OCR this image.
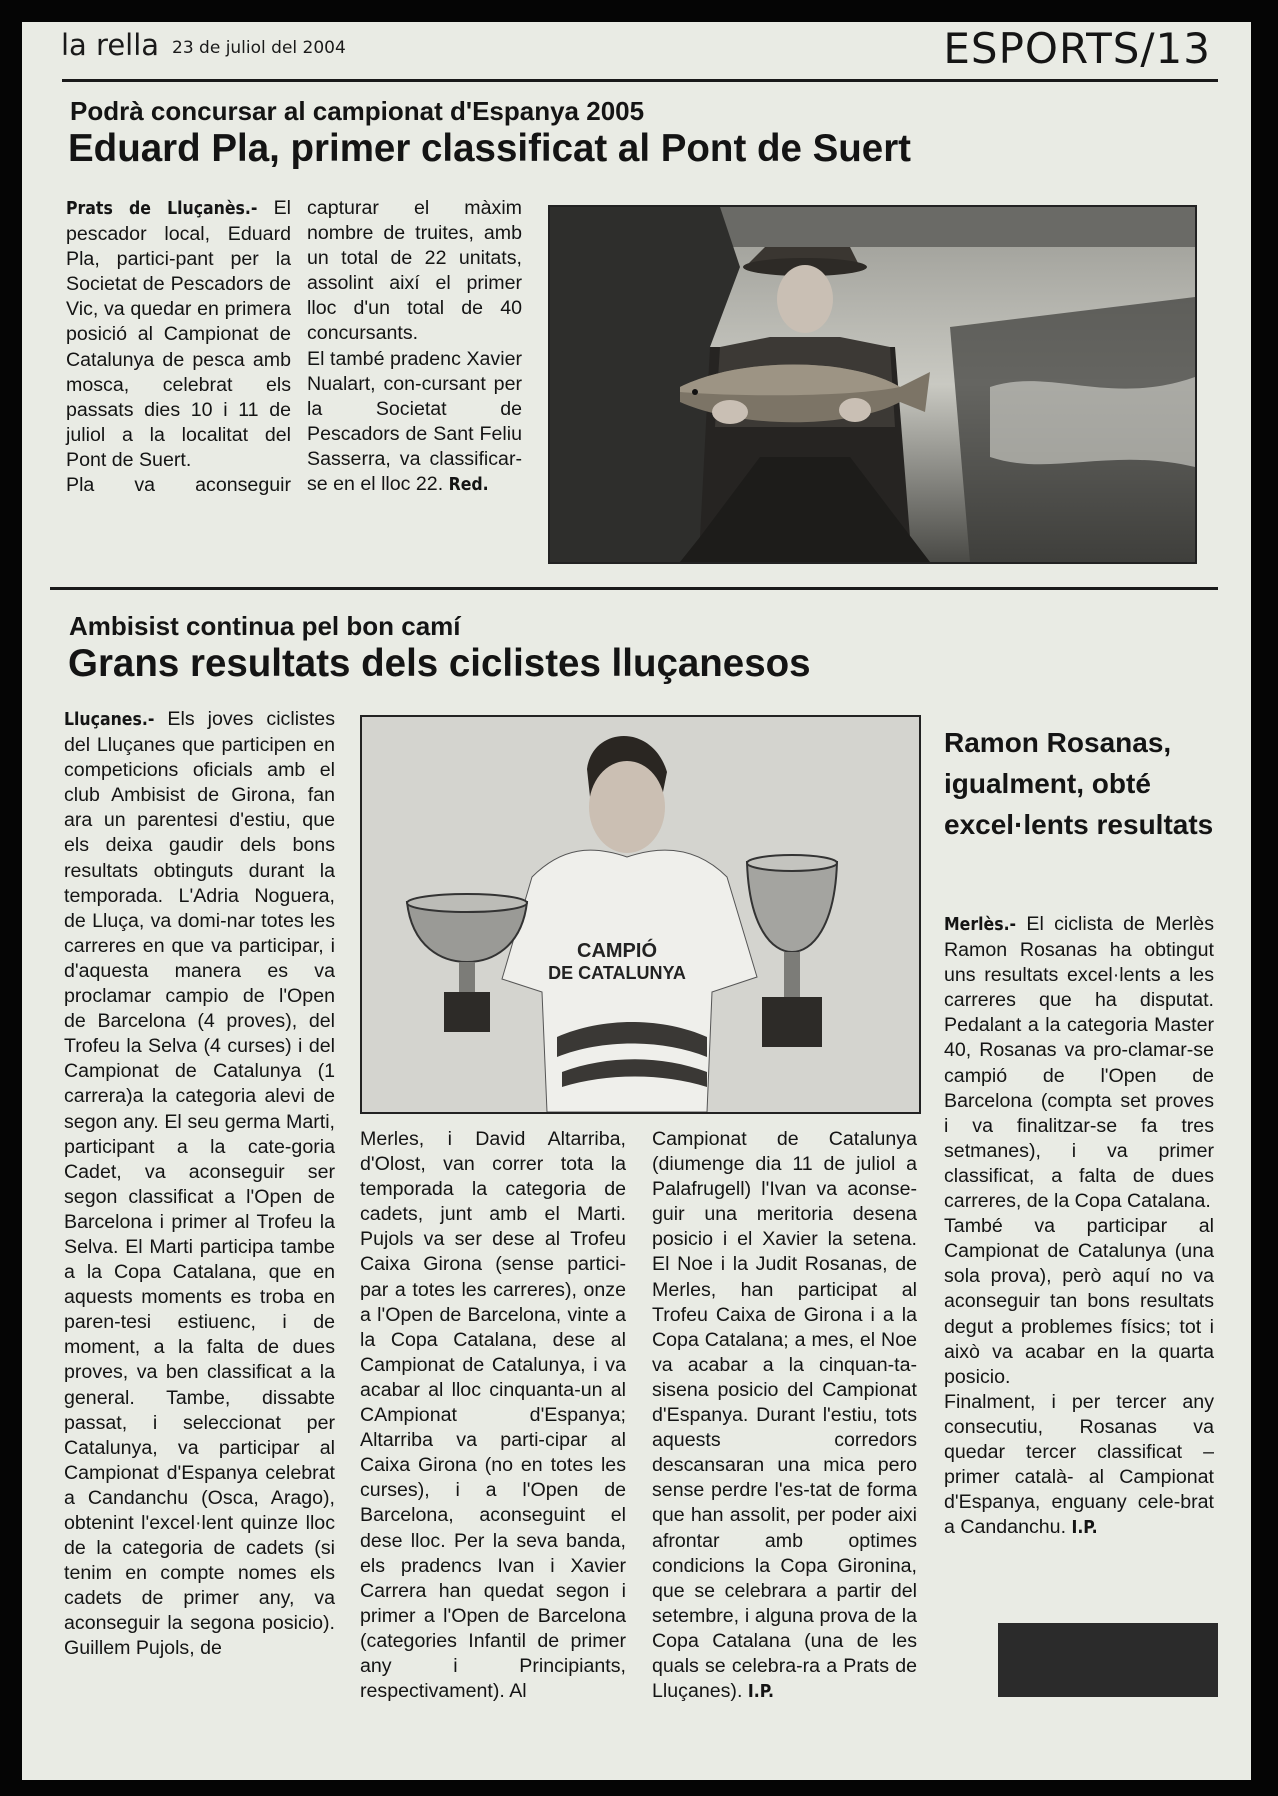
la rella 23 de juliol del 2004	ESPORTS/13
Podrà concursar al campionat d'Espanya 2005
Eduard Pla, primer classificat al Pont de Suert

Prats de Lluçanès.- El pescador local, Eduard Pla, partici-pant per la Societat de Pescadors de Vic, va quedar en primera posició al Campionat de Catalunya de pesca amb mosca, celebrat els passats dies 10 i 11 de juliol a la localitat del Pont de Suert.

Pla va aconseguir

capturar el màxim nombre de truites, amb un total de 22 unitats, assolint així el primer lloc d'un total de 40 concursants.

El també pradenc Xavier Nualart, con-cursant per la Societat de Pescadors de Sant Feliu Sasserra, va classificar-se en el lloc 22. Red.

Ambisist continua pel bon camí
Grans resultats dels ciclistes lluçanesos

Lluçanes.- Els joves ciclistes del Lluçanes que participen en competicions oficials amb el club Ambisist de Girona, fan ara un parentesi d'estiu, que els deixa gaudir dels bons resultats obtinguts durant la temporada. L'Adria Noguera, de Lluça, va domi-nar totes les carreres en que va participar, i d'aquesta manera es va proclamar campio de l'Open de Barcelona (4 proves), del Trofeu la Selva (4 curses) i del Campionat de Catalunya (1 carrera)a la categoria alevi de segon any. El seu germa Marti, participant a la cate-goria Cadet, va aconseguir ser segon classificat a l'Open de Barcelona i primer al Trofeu la Selva. El Marti participa tambe a la Copa Catalana, que en aquests moments es troba en paren-tesi estiuenc, i de moment, a la falta de dues proves, va ben classificat a la general. Tambe, dissabte passat, i seleccionat per Catalunya, va participar al Campionat d'Espanya celebrat a Candanchu (Osca, Arago), obtenint l'excel·lent quinze lloc de la categoria de cadets (si tenim en compte nomes els cadets de primer any, va aconseguir la segona posicio). Guillem Pujols, de

CAMPIÓ
DE CATALUNYA

Merles, i David Altarriba, d'Olost, van correr tota la temporada la categoria de cadets, junt amb el Marti. Pujols va ser dese al Trofeu Caixa Girona (sense partici-par a totes les carreres), onze a l'Open de Barcelona, vinte a la Copa Catalana, dese al Campionat de Catalunya, i va acabar al lloc cinquanta-un al CAmpionat d'Espanya; Altarriba va parti-cipar al Caixa Girona (no en totes les curses), i a l'Open de Barcelona, aconseguint el dese lloc. Per la seva banda, els pradencs Ivan i Xavier Carrera han quedat segon i primer a l'Open de Barcelona (categories Infantil de primer any i Principiants, respectivament). Al

Campionat de Catalunya (diumenge dia 11 de juliol a Palafrugell) l'Ivan va aconse-guir una meritoria desena posicio i el Xavier la setena. El Noe i la Judit Rosanas, de Merles, han participat al Trofeu Caixa de Girona i a la Copa Catalana; a mes, el Noe va acabar a la cinquan-ta-sisena posicio del Campionat d'Espanya. Durant l'estiu, tots aquests corredors descansaran una mica pero sense perdre l'es-tat de forma que han assolit, per poder aixi afrontar amb optimes condicions la Copa Gironina, que se celebrara a partir del setembre, i alguna prova de la Copa Catalana (una de les quals se celebra-ra a Prats de Lluçanes). I.P.

Ramon Rosanas, igualment, obté excel·lents resultats

Merlès.- El ciclista de Merlès Ramon Rosanas ha obtingut uns resultats excel·lents a les carreres que ha disputat. Pedalant a la categoria Master 40, Rosanas va pro-clamar-se campió de l'Open de Barcelona (compta set proves i va finalitzar-se fa tres setmanes), i va primer classificat, a falta de dues carreres, de la Copa Catalana.

També va participar al Campionat de Catalunya (una sola prova), però aquí no va aconseguir tan bons resultats degut a problemes físics; tot i això va acabar en la quarta posicio.

Finalment, i per tercer any consecutiu, Rosanas va quedar tercer classificat –primer català- al Campionat d'Espanya, enguany cele-brat a Candanchu. I.P.
